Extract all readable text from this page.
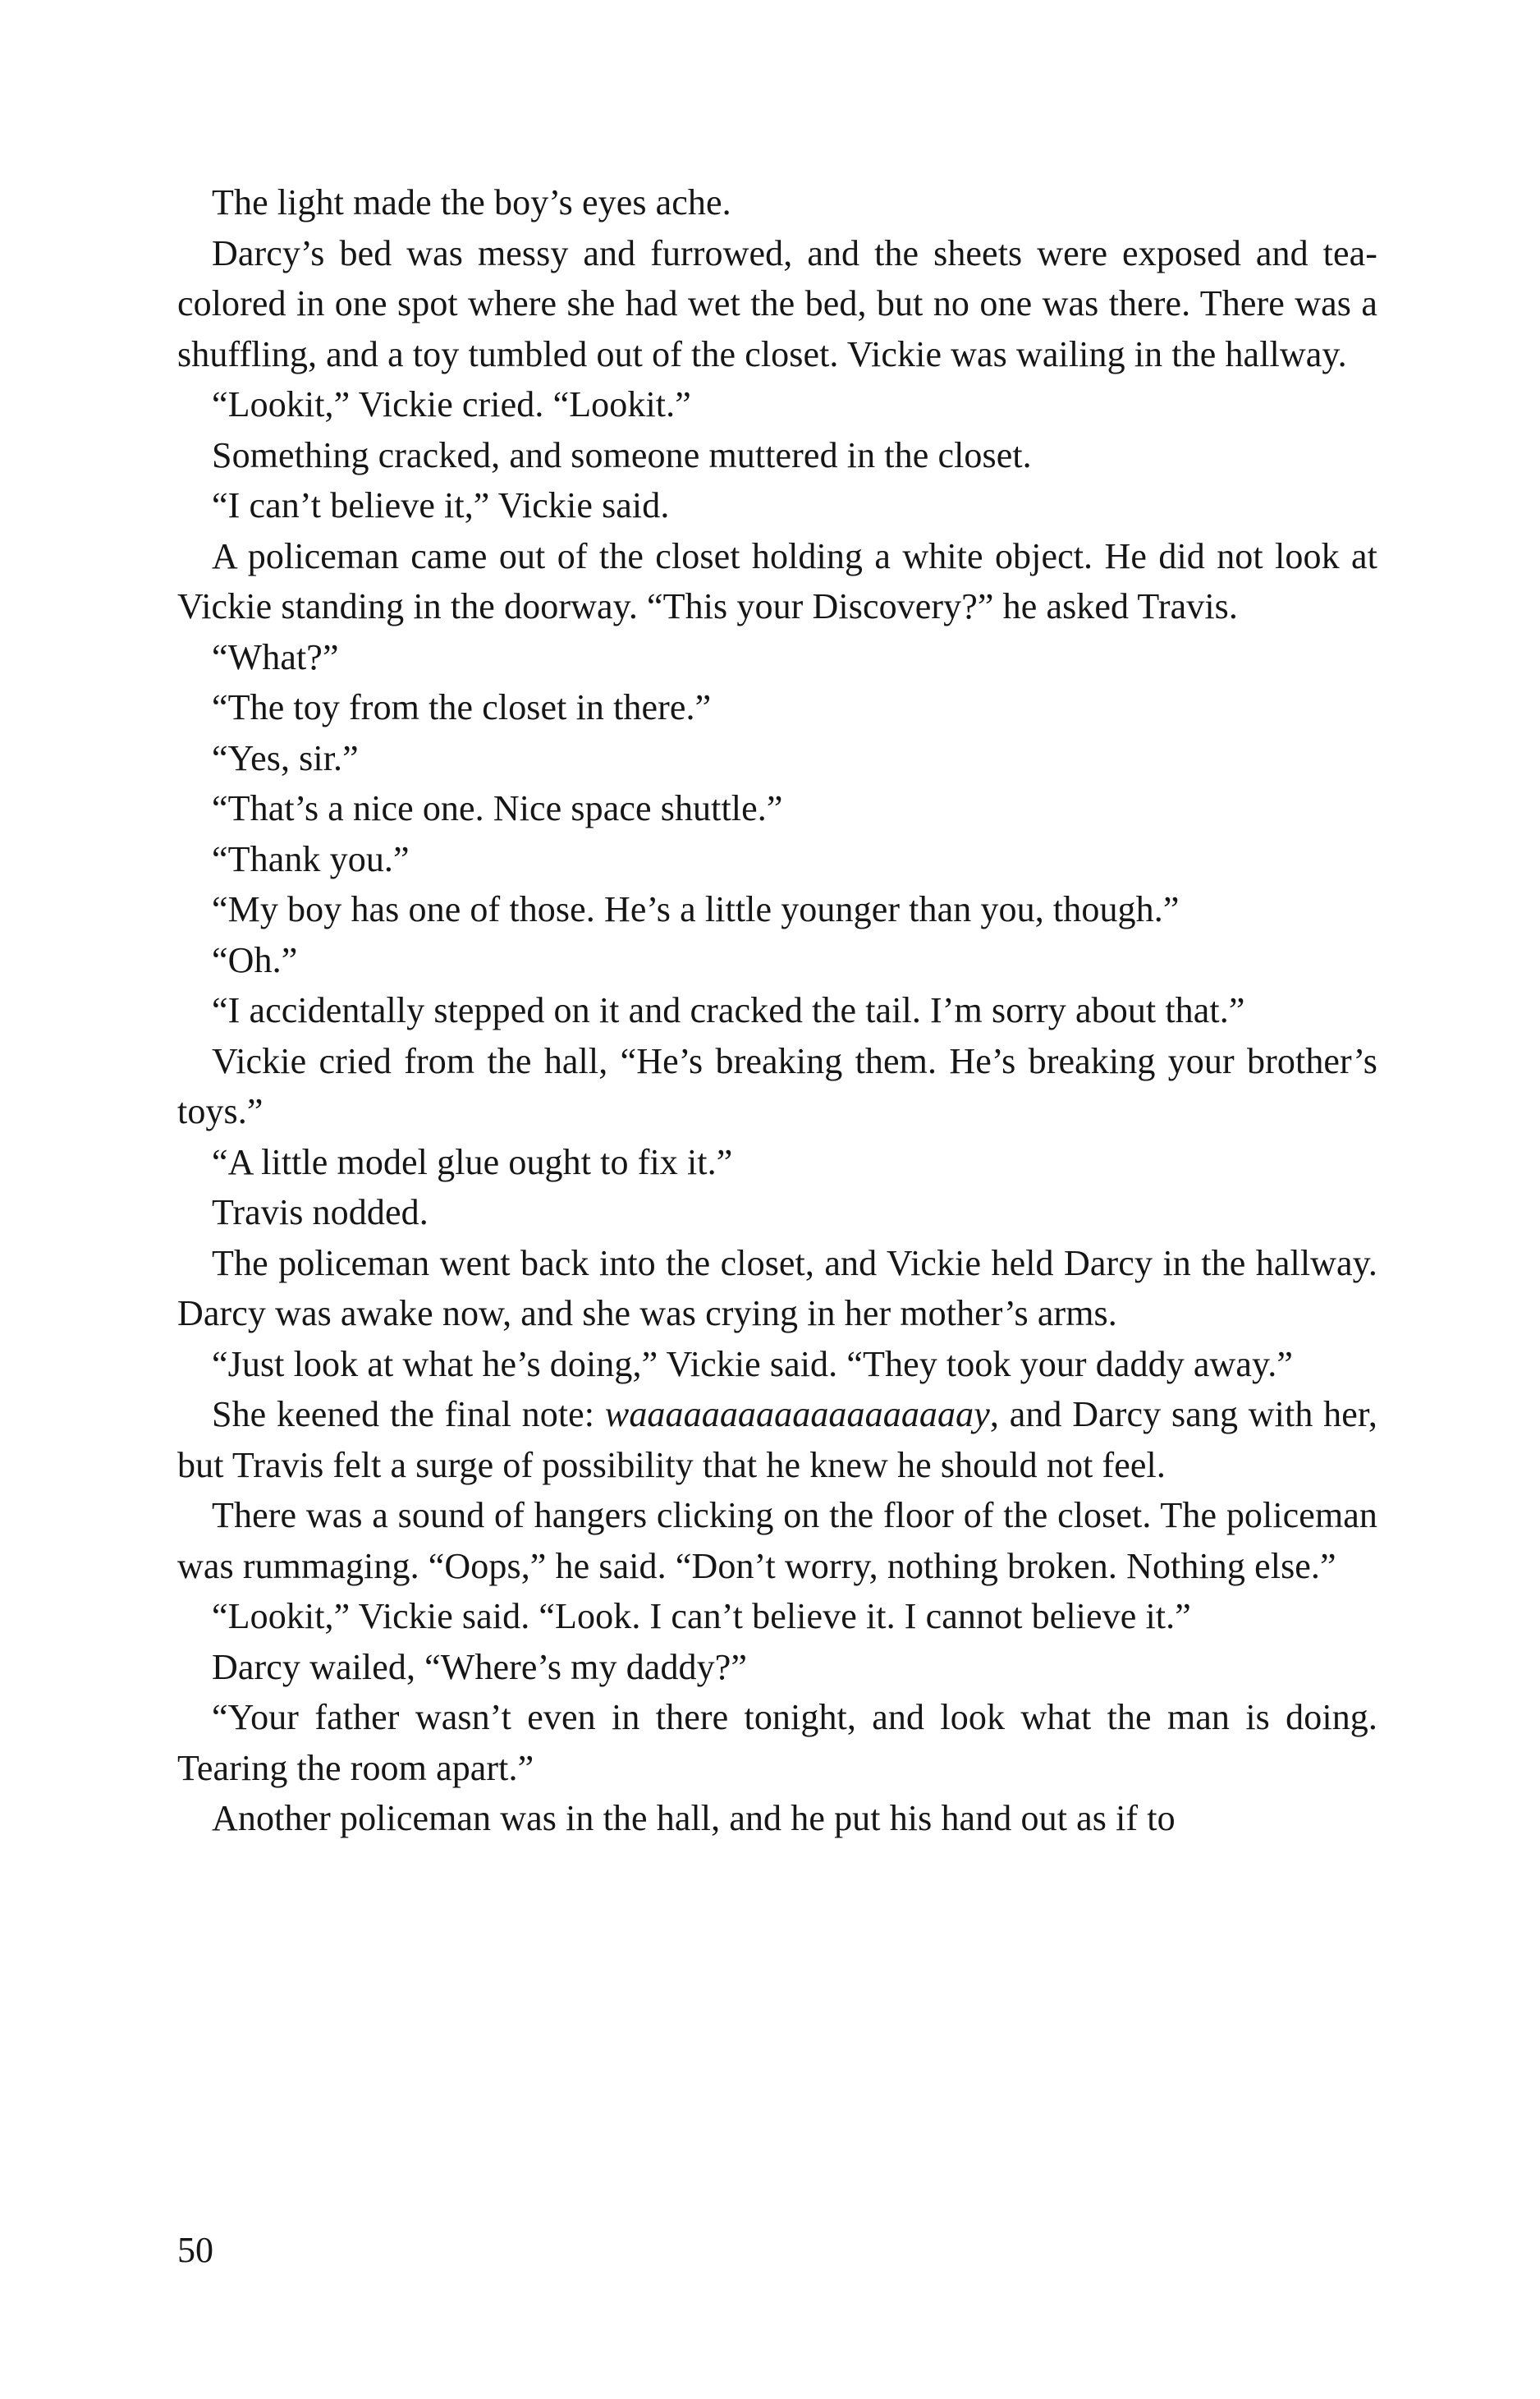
The light made the boy’s eyes ache.

Darcy’s bed was messy and furrowed, and the sheets were exposed and tea-colored in one spot where she had wet the bed, but no one was there. There was a shuffling, and a toy tumbled out of the closet. Vickie was wailing in the hallway.

“Lookit,” Vickie cried. “Lookit.”

Something cracked, and someone muttered in the closet.

“I can’t believe it,” Vickie said.

A policeman came out of the closet holding a white object. He did not look at Vickie standing in the doorway. “This your Discovery?” he asked Travis.

“What?”

“The toy from the closet in there.”

“Yes, sir.”

“That’s a nice one. Nice space shuttle.”

“Thank you.”

“My boy has one of those. He’s a little younger than you, though.”

“Oh.”

“I accidentally stepped on it and cracked the tail. I’m sorry about that.”

Vickie cried from the hall, “He’s breaking them. He’s breaking your brother’s toys.”

“A little model glue ought to fix it.”

Travis nodded.

The policeman went back into the closet, and Vickie held Darcy in the hallway. Darcy was awake now, and she was crying in her mother’s arms.

“Just look at what he’s doing,” Vickie said. “They took your daddy away.”

She keened the final note: waaaaaaaaaaaaaaaaaaay, and Darcy sang with her, but Travis felt a surge of possibility that he knew he should not feel.

There was a sound of hangers clicking on the floor of the closet. The policeman was rummaging. “Oops,” he said. “Don’t worry, nothing broken. Nothing else.”

“Lookit,” Vickie said. “Look. I can’t believe it. I cannot believe it.”

Darcy wailed, “Where’s my daddy?”

“Your father wasn’t even in there tonight, and look what the man is doing. Tearing the room apart.”

Another policeman was in the hall, and he put his hand out as if to

50
